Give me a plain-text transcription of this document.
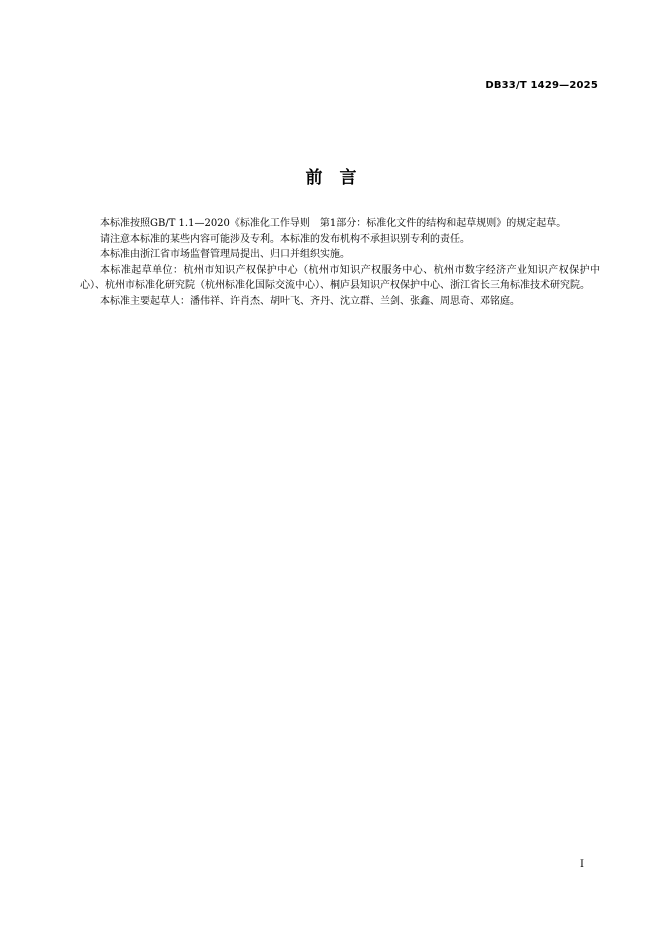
DB33/T 1429—2025
前　言

本标准按照GB/T 1.1—2020《标准化工作导则　第1部分：标准化文件的结构和起草规则》的规定起草。

请注意本标准的某些内容可能涉及专利。本标准的发布机构不承担识别专利的责任。

本标准由浙江省市场监督管理局提出、归口并组织实施。

本标准起草单位：杭州市知识产权保护中心（杭州市知识产权服务中心、杭州市数字经济产业知识产权保护中心）、杭州市标准化研究院（杭州标准化国际交流中心）、桐庐县知识产权保护中心、浙江省长三角标准技术研究院。

本标准主要起草人：潘伟祥、许肖杰、胡叶飞、齐丹、沈立群、兰剑、张鑫、周思奇、邓铭庭。

I
